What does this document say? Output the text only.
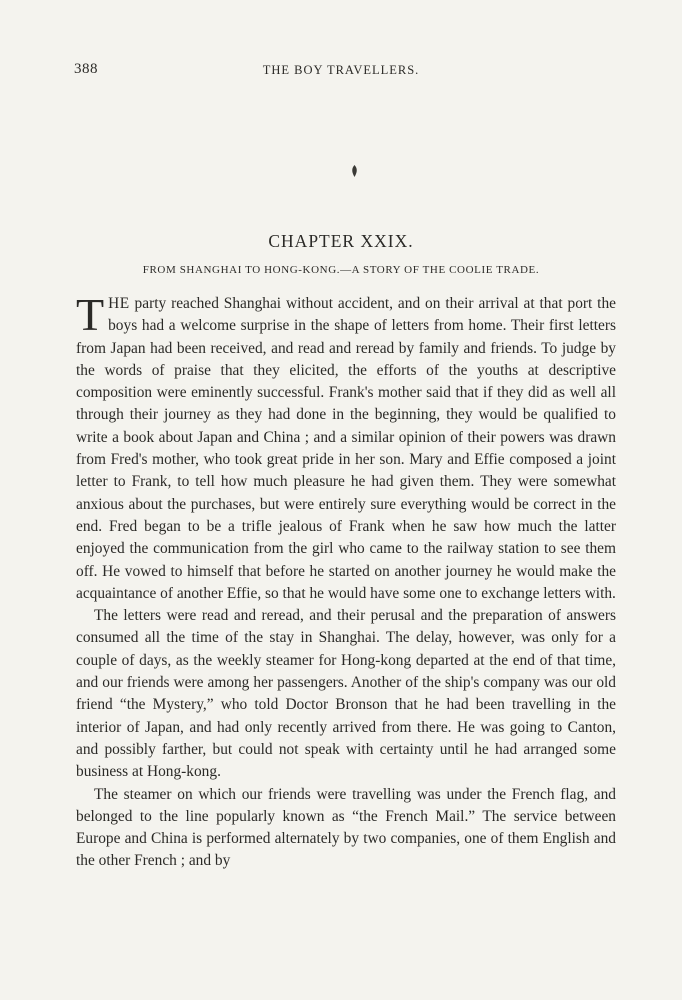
388	THE BOY TRAVELLERS.
CHAPTER XXIX.
FROM SHANGHAI TO HONG-KONG.—A STORY OF THE COOLIE TRADE.

THE party reached Shanghai without accident, and on their arrival at that port the boys had a welcome surprise in the shape of letters from home. Their first letters from Japan had been received, and read and reread by family and friends. To judge by the words of praise that they elicited, the efforts of the youths at descriptive composition were eminently successful. Frank's mother said that if they did as well all through their journey as they had done in the beginning, they would be qualified to write a book about Japan and China ; and a similar opinion of their powers was drawn from Fred's mother, who took great pride in her son. Mary and Effie composed a joint letter to Frank, to tell how much pleasure he had given them. They were somewhat anxious about the purchases, but were entirely sure everything would be correct in the end. Fred began to be a trifle jealous of Frank when he saw how much the latter enjoyed the communication from the girl who came to the railway station to see them off. He vowed to himself that before he started on another journey he would make the acquaintance of another Effie, so that he would have some one to exchange letters with.

The letters were read and reread, and their perusal and the preparation of answers consumed all the time of the stay in Shanghai. The delay, however, was only for a couple of days, as the weekly steamer for Hong-kong departed at the end of that time, and our friends were among her passengers. Another of the ship's company was our old friend “the Mystery,” who told Doctor Bronson that he had been travelling in the interior of Japan, and had only recently arrived from there. He was going to Canton, and possibly farther, but could not speak with certainty until he had arranged some business at Hong-kong.

The steamer on which our friends were travelling was under the French flag, and belonged to the line popularly known as “the French Mail.” The service between Europe and China is performed alternately by two companies, one of them English and the other French ; and by
